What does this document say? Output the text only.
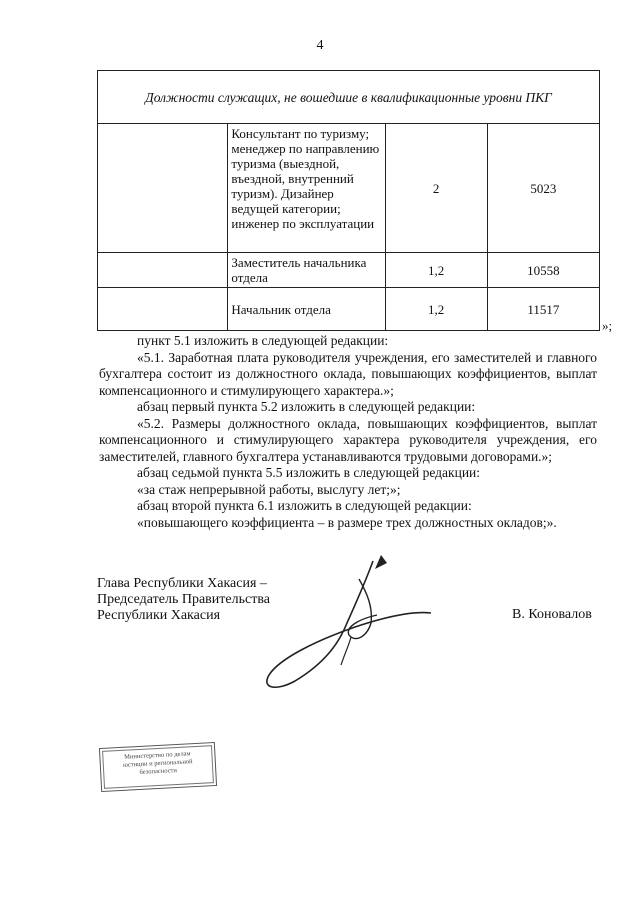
4
Должности служащих, не вошедшие в квалификационные уровни ПКГ			
	Консультант по туризму; менеджер по направлению туризма (выездной, въездной, внутренний туризм). Дизайнер ведущей категории; инженер по эксплуатации	2	5023
	Заместитель начальника отдела	1,2	10558
	Начальник отдела	1,2	11517
»;

пункт 5.1 изложить в следующей редакции:

«5.1. Заработная плата руководителя учреждения, его заместителей и главного бухгалтера состоит из должностного оклада, повышающих коэффициентов, выплат компенсационного и стимулирующего характера.»;

абзац первый пункта 5.2 изложить в следующей редакции:

«5.2. Размеры должностного оклада, повышающих коэффициентов, выплат компенсационного и стимулирующего характера руководителя учреждения, его заместителей, главного бухгалтера устанавливаются трудовыми договорами.»;

абзац седьмой пункта 5.5 изложить в следующей редакции:

«за стаж непрерывной работы, выслугу лет;»;

абзац второй пункта 6.1 изложить в следующей редакции:

«повышающего коэффициента – в размере трех должностных окладов;».

Глава Республики Хакасия –
Председатель Правительства
Республики Хакасия	В. Коновалов
Министерство по делам
юстиции и региональной
безопасности
